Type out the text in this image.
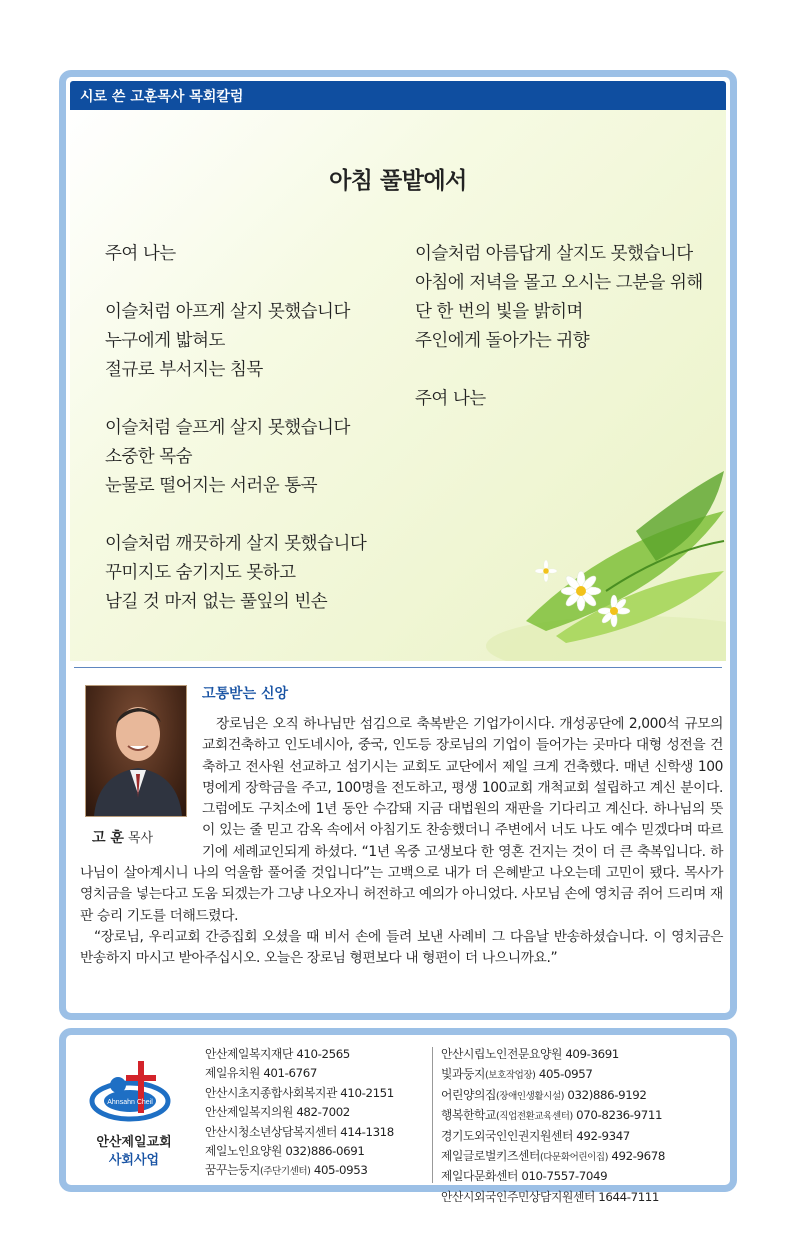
시로 쓴 고훈목사 목회칼럼
아침 풀밭에서
주여 나는
이슬처럼 아프게 살지 못했습니다
누구에게 밟혀도
절규로 부서지는 침묵
이슬처럼 슬프게 살지 못했습니다
소중한 목숨
눈물로 떨어지는 서러운 통곡
이슬처럼 깨끗하게 살지 못했습니다
꾸미지도 숨기지도 못하고
남길 것 마저 없는 풀잎의 빈손
이슬처럼 아름답게 살지도 못했습니다
아침에 저녁을 몰고 오시는 그분을 위해
단 한 번의 빛을 밝히며
주인에게 돌아가는 귀향
주여 나는
고 훈 목사
고통받는 신앙

장로님은 오직 하나님만 섬김으로 축복받은 기업가이시다. 개성공단에 2,000석 규모의 교회건축하고 인도네시아, 중국, 인도등 장로님의 기업이 들어가는 곳마다 대형 성전을 건축하고 전사원 선교하고 섬기시는 교회도 교단에서 제일 크게 건축했다. 매년 신학생 100명에게 장학금을 주고, 100명을 전도하고, 평생 100교회 개척교회 설립하고 계신 분이다. 그럼에도 구치소에 1년 동안 수감돼 지금 대법원의 재판을 기다리고 계신다. 하나님의 뜻이 있는 줄 믿고 감옥 속에서 아침기도 찬송했더니 주변에서 너도 나도 예수 믿겠다며 따르기에 세례교인되게 하셨다. “1년 옥중 고생보다 한 영혼 건지는 것이 더 큰 축복입니다. 하나님이 살아계시니 나의 억울함 풀어줄 것입니다”는 고백으로 내가 더 은혜받고 나오는데 고민이 됐다. 목사가 영치금을 넣는다고 도움 되겠는가 그냥 나오자니 허전하고 예의가 아니었다. 사모님 손에 영치금 쥐어 드리며 재판 승리 기도를 더해드렸다.

“장로님, 우리교회 간증집회 오셨을 때 비서 손에 들려 보낸 사례비 그 다음날 반송하셨습니다. 이 영치금은 반송하지 마시고 받아주십시오. 오늘은 장로님 형편보다 내 형편이 더 나으니까요.”

Ahnsahn Cheil
안산제일교회
사회사업
안산제일복지재단 410-2565
제일유치원 401-6767
안산시초지종합사회복지관 410-2151
안산제일복지의원 482-7002
안산시청소년상담복지센터 414-1318
제일노인요양원 032)886-0691
꿈꾸는둥지(주단기센터) 405-0953
안산시립노인전문요양원 409-3691
빛과둥지(보호작업장) 405-0957
어린양의집(장애인생활시설) 032)886-9192
행복한학교(직업전환교육센터) 070-8236-9711
경기도외국인인권지원센터 492-9347
제일글로벌키즈센터(다문화어린이집) 492-9678
제일다문화센터 010-7557-7049
안산시외국인주민상담지원센터 1644-7111
